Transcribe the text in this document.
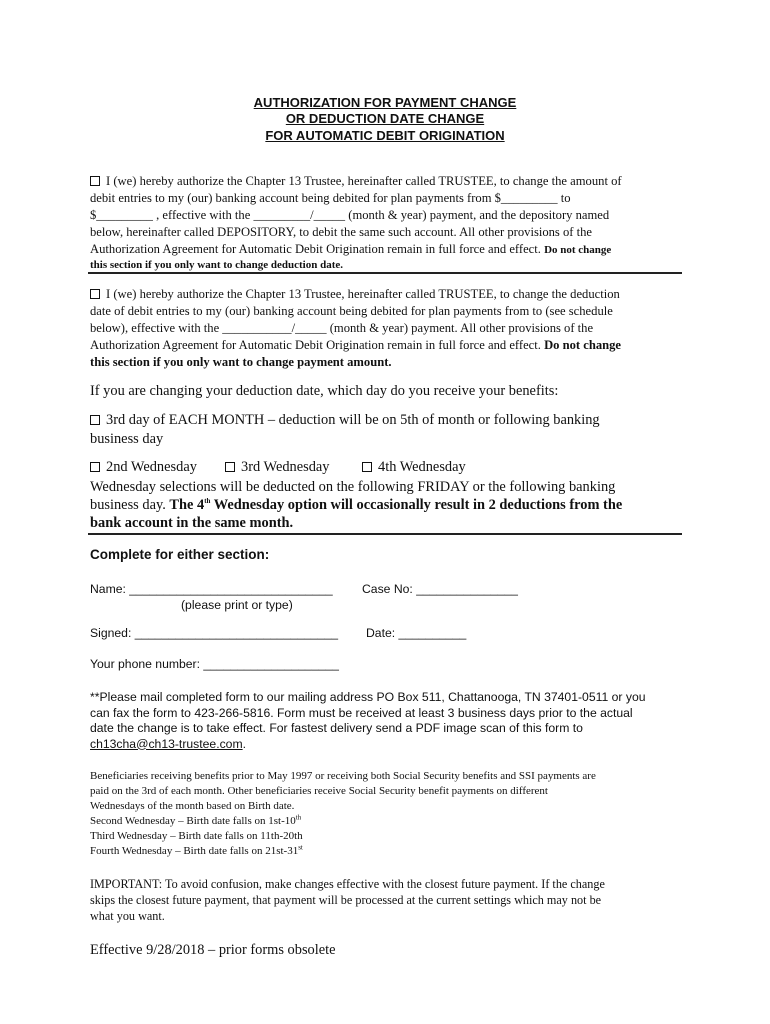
AUTHORIZATION FOR PAYMENT CHANGE
OR DEDUCTION DATE CHANGE
FOR AUTOMATIC DEBIT ORIGINATION
I (we) hereby authorize the Chapter 13 Trustee, hereinafter called TRUSTEE, to change the amount of
debit entries to my (our) banking account being debited for plan payments from $_________ to
$_________ , effective with the _________/_____ (month & year) payment, and the depository named
below, hereinafter called DEPOSITORY, to debit the same such account. All other provisions of the
Authorization Agreement for Automatic Debit Origination remain in full force and effect. Do not change
this section if you only want to change deduction date.
I (we) hereby authorize the Chapter 13 Trustee, hereinafter called TRUSTEE, to change the deduction
date of debit entries to my (our) banking account being debited for plan payments from to (see schedule
below), effective with the ___________/_____ (month & year) payment. All other provisions of the
Authorization Agreement for Automatic Debit Origination remain in full force and effect. Do not change
this section if you only want to change payment amount.
If you are changing your deduction date, which day do you receive your benefits:
3rd day of EACH MONTH – deduction will be on 5th of month or following banking
business day
2nd Wednesday	3rd Wednesday	4th Wednesday
Wednesday selections will be deducted on the following FRIDAY or the following banking
business day. The 4th Wednesday option will occasionally result in 2 deductions from the
bank account in the same month.
Complete for either section:
Name: ______________________________ Case No: _______________
(please print or type)
Signed: ______________________________ Date: __________
Your phone number: ____________________
**Please mail completed form to our mailing address PO Box 511, Chattanooga, TN 37401-0511 or you
can fax the form to 423-266-5816. Form must be received at least 3 business days prior to the actual
date the change is to take effect. For fastest delivery send a PDF image scan of this form to
ch13cha@ch13-trustee.com.
Beneficiaries receiving benefits prior to May 1997 or receiving both Social Security benefits and SSI payments are
paid on the 3rd of each month. Other beneficiaries receive Social Security benefit payments on different
Wednesdays of the month based on Birth date.
Second Wednesday – Birth date falls on 1st-10th
Third Wednesday – Birth date falls on 11th-20th
Fourth Wednesday – Birth date falls on 21st-31st
IMPORTANT: To avoid confusion, make changes effective with the closest future payment. If the change
skips the closest future payment, that payment will be processed at the current settings which may not be
what you want.
Effective 9/28/2018 – prior forms obsolete
